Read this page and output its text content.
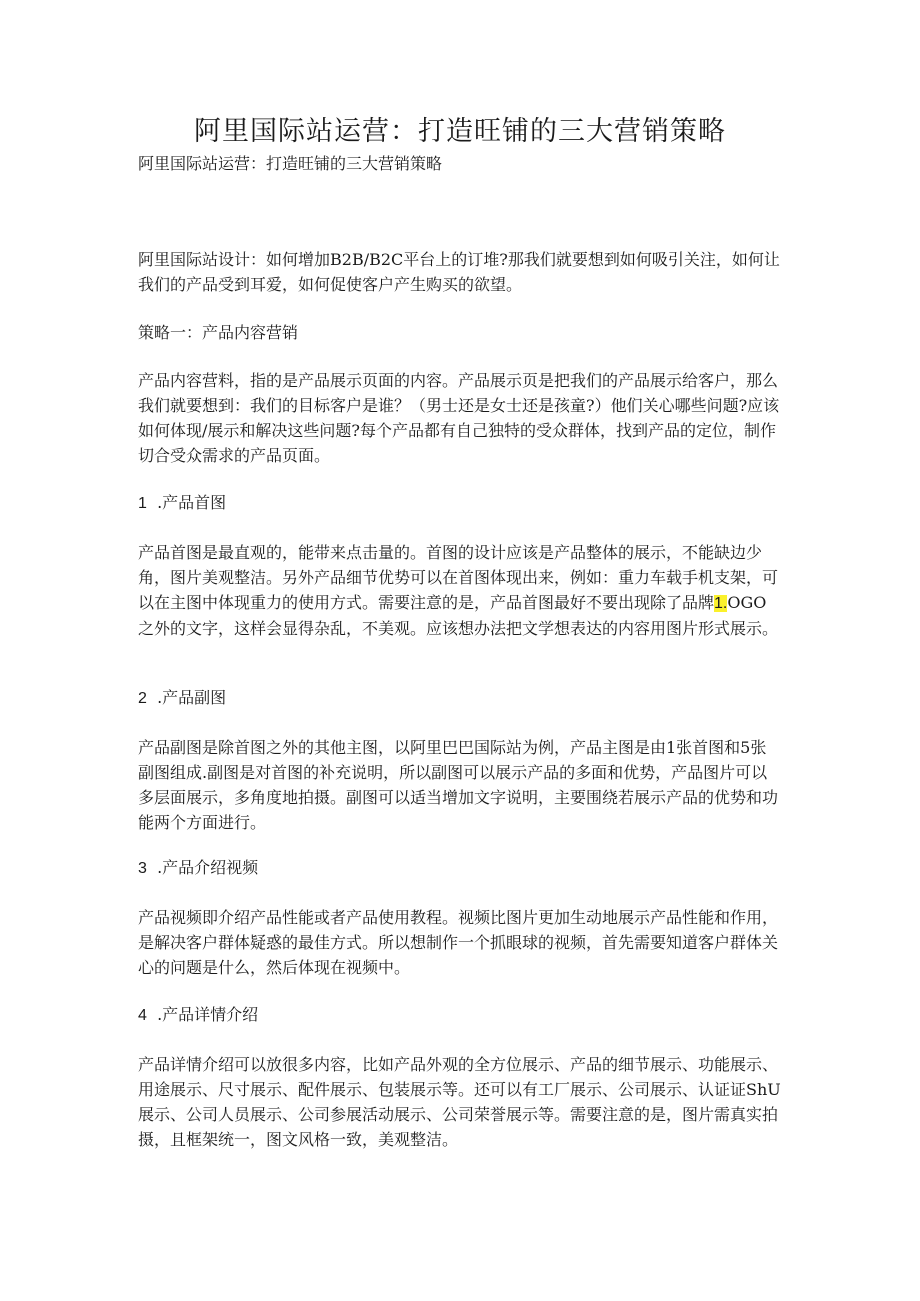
阿里国际站运营：打造旺铺的三大营销策略

阿里国际站运营：打造旺铺的三大营销策略

阿里国际站设计：如何增加B2B/B2C平台上的订堆?那我们就要想到如何吸引关注，如何让我们的产品受到耳爱，如何促使客户产生购买的欲望。

策略一：产品内容营销

产品内容营料，指的是产品展示页面的内容。产品展示页是把我们的产品展示给客户，那么我们就要想到：我们的目标客户是谁？（男士还是女士还是孩童?）他们关心哪些问题?应该如何体现/展示和解决这些问题?每个产品都有自己独特的受众群体，找到产品的定位，制作切合受众需求的产品页面。

1 .产品首图

产品首图是最直观的，能带来点击量的。首图的设计应该是产品整体的展示，不能缺边少角，图片美观整洁。另外产品细节优势可以在首图体现出来，例如：重力车载手机支架，可以在主图中体现重力的使用方式。需要注意的是，产品首图最好不要出现除了品牌1.OGO之外的文字，这样会显得杂乱，不美观。应该想办法把文学想表达的内容用图片形式展示。

2 .产品副图

产品副图是除首图之外的其他主图，以阿里巴巴国际站为例，产品主图是由1张首图和5张副图组成.副图是对首图的补充说明，所以副图可以展示产品的多面和优势，产品图片可以多层面展示，多角度地拍摄。副图可以适当增加文字说明，主要围绕若展示产品的优势和功能两个方面进行。

3 .产品介绍视频

产品视频即介绍产品性能或者产品使用教程。视频比图片更加生动地展示产品性能和作用，是解决客户群体疑惑的最佳方式。所以想制作一个抓眼球的视频，首先需要知道客户群体关心的问题是什么，然后体现在视频中。

4 .产品详情介绍

产品详情介绍可以放很多内容，比如产品外观的全方位展示、产品的细节展示、功能展示、用途展示、尺寸展示、配件展示、包装展示等。还可以有工厂展示、公司展示、认证证ShU展示、公司人员展示、公司参展活动展示、公司荣誉展示等。需要注意的是，图片需真实拍摄，且框架统一，图文风格一致，美观整洁。
